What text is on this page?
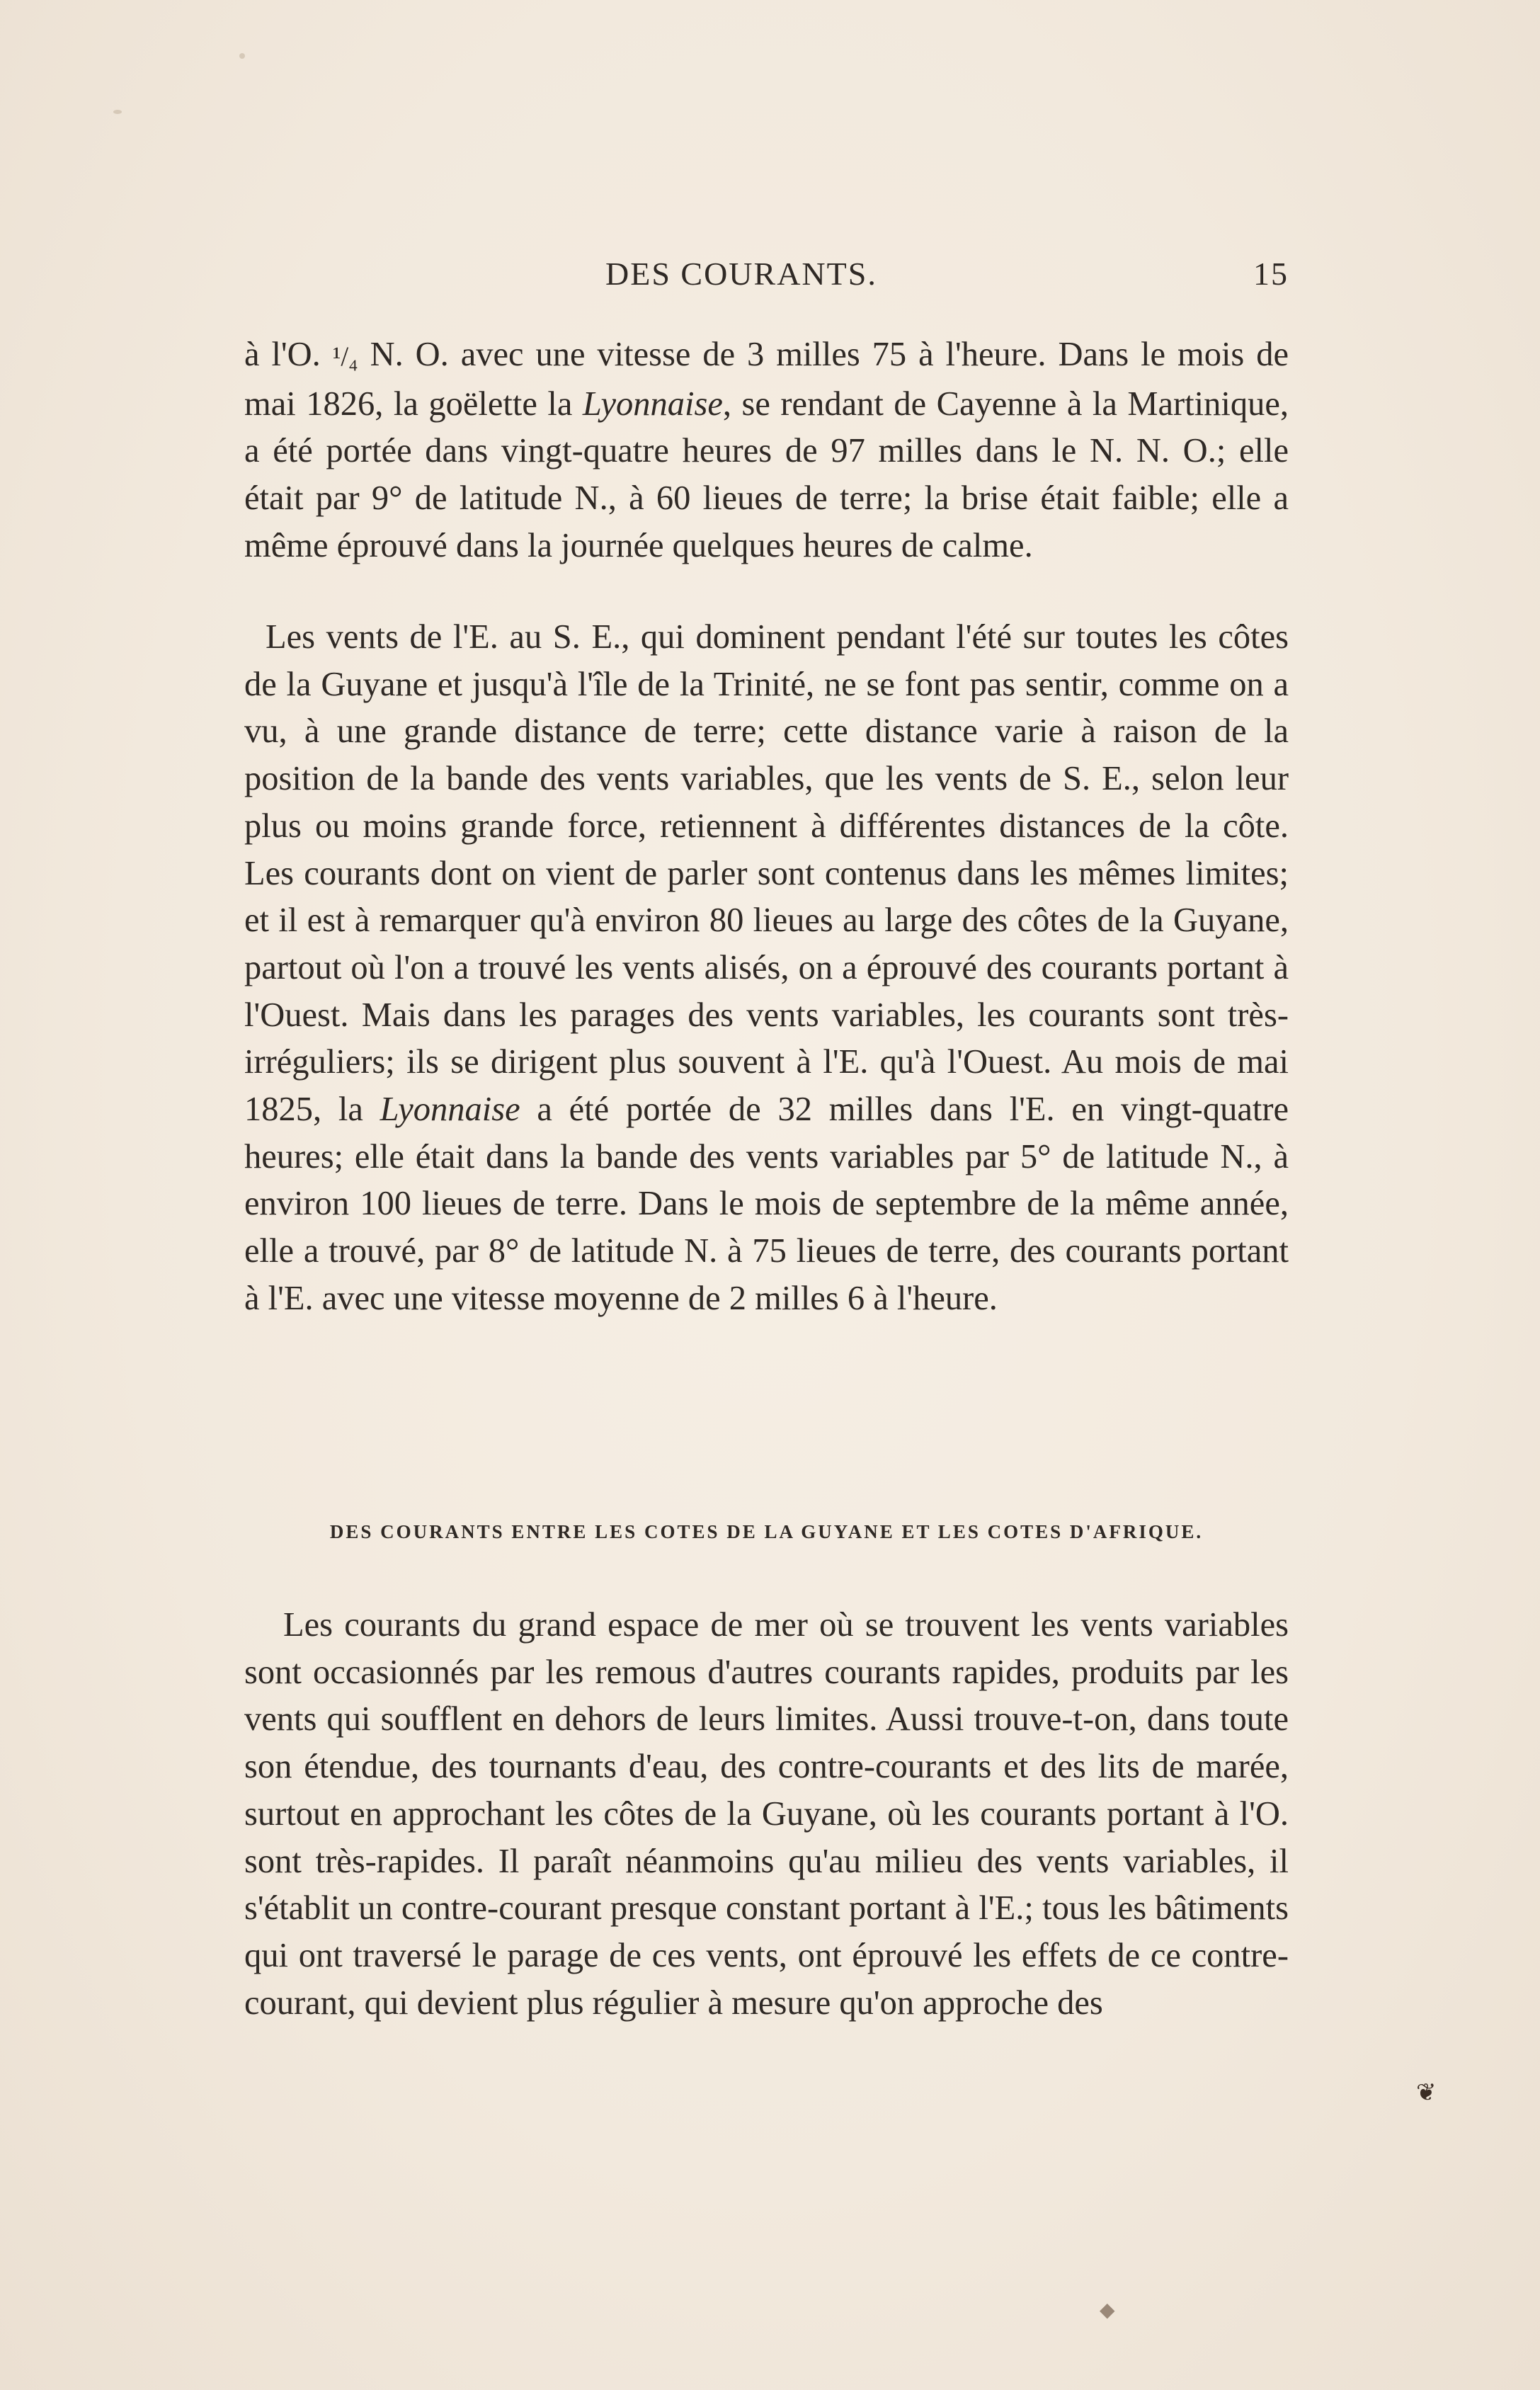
DES COURANTS.	15

à l'O. ¹/₄ N. O. avec une vitesse de 3 milles 75 à l'heure. Dans le mois de mai 1826, la goëlette la Lyonnaise, se rendant de Cayenne à la Martinique, a été portée dans vingt-quatre heures de 97 milles dans le N. N. O.; elle était par 9° de latitude N., à 60 lieues de terre; la brise était faible; elle a même éprouvé dans la journée quelques heures de calme.

Les vents de l'E. au S. E., qui dominent pendant l'été sur toutes les côtes de la Guyane et jusqu'à l'île de la Trinité, ne se font pas sentir, comme on a vu, à une grande distance de terre; cette distance varie à raison de la position de la bande des vents variables, que les vents de S. E., selon leur plus ou moins grande force, retiennent à différentes distances de la côte. Les courants dont on vient de parler sont contenus dans les mêmes limites; et il est à remarquer qu'à environ 80 lieues au large des côtes de la Guyane, partout où l'on a trouvé les vents alisés, on a éprouvé des courants portant à l'Ouest. Mais dans les parages des vents variables, les courants sont très-irréguliers; ils se dirigent plus souvent à l'E. qu'à l'Ouest. Au mois de mai 1825, la Lyonnaise a été portée de 32 milles dans l'E. en vingt-quatre heures; elle était dans la bande des vents variables par 5° de latitude N., à environ 100 lieues de terre. Dans le mois de septembre de la même année, elle a trouvé, par 8° de latitude N. à 75 lieues de terre, des courants portant à l'E. avec une vitesse moyenne de 2 milles 6 à l'heure.

DES COURANTS ENTRE LES COTES DE LA GUYANE ET LES COTES D'AFRIQUE.

Les courants du grand espace de mer où se trouvent les vents variables sont occasionnés par les remous d'autres courants rapides, produits par les vents qui soufflent en dehors de leurs limites. Aussi trouve-t-on, dans toute son étendue, des tournants d'eau, des contre-courants et des lits de marée, surtout en approchant les côtes de la Guyane, où les courants portant à l'O. sont très-rapides. Il paraît néanmoins qu'au milieu des vents variables, il s'établit un contre-courant presque constant portant à l'E.; tous les bâtiments qui ont traversé le parage de ces vents, ont éprouvé les effets de ce contre-courant, qui devient plus régulier à mesure qu'on approche des

❦
◆
